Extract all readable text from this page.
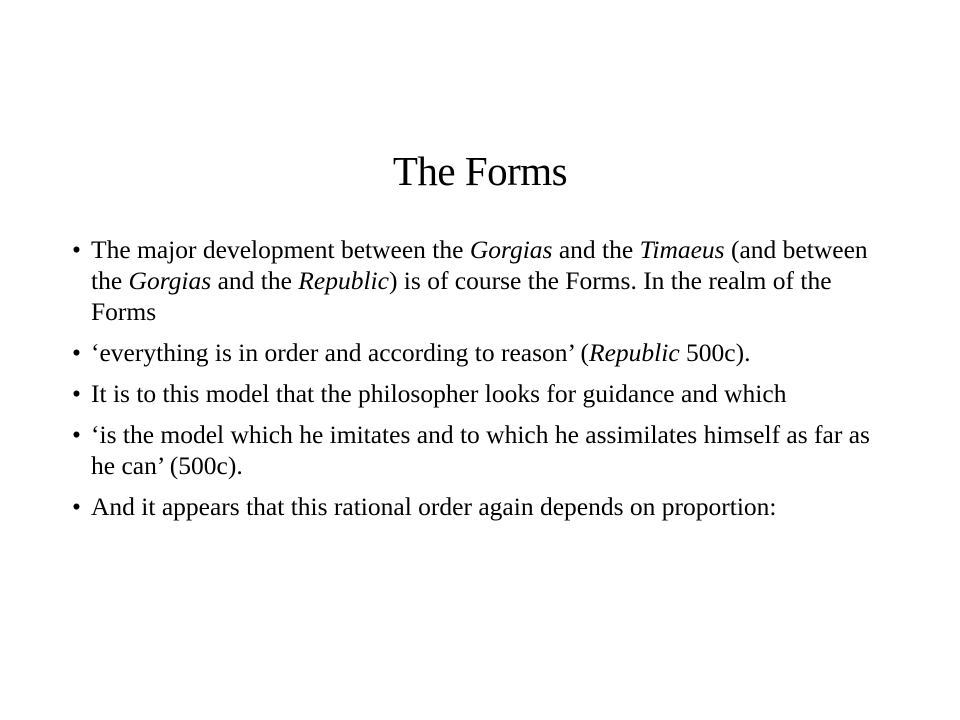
The Forms
• The major development between the Gorgias and the Timaeus (and between the Gorgias and the Republic) is of course the Forms. In the realm of the Forms
• ‘everything is in order and according to reason’ (Republic 500c).
• It is to this model that the philosopher looks for guidance and which
• ‘is the model which he imitates and to which he assimilates himself as far as he can’ (500c).
• And it appears that this rational order again depends on proportion:
